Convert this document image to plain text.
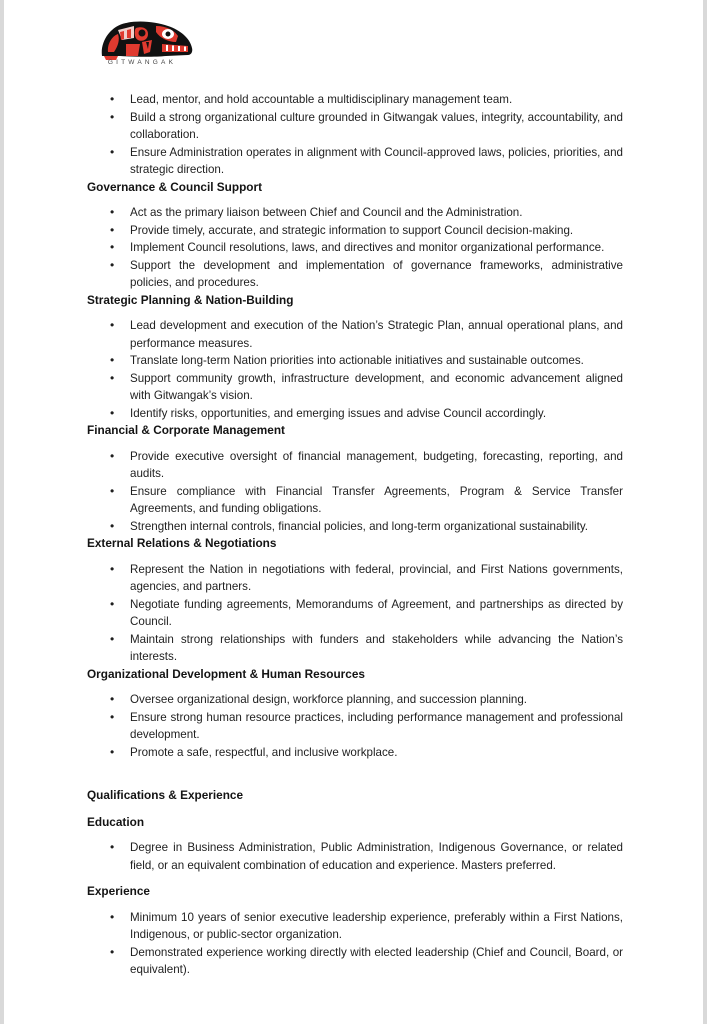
GITWANGAK
• Lead, mentor, and hold accountable a multidisciplinary management team.
• Build a strong organizational culture grounded in Gitwangak values, integrity, accountability, and collaboration.
• Ensure Administration operates in alignment with Council-approved laws, policies, priorities, and strategic direction.

Governance & Council Support

• Act as the primary liaison between Chief and Council and the Administration.
• Provide timely, accurate, and strategic information to support Council decision-making.
• Implement Council resolutions, laws, and directives and monitor organizational performance.
• Support the development and implementation of governance frameworks, administrative policies, and procedures.

Strategic Planning & Nation-Building

• Lead development and execution of the Nation’s Strategic Plan, annual operational plans, and performance measures.
• Translate long-term Nation priorities into actionable initiatives and sustainable outcomes.
• Support community growth, infrastructure development, and economic advancement aligned with Gitwangak’s vision.
• Identify risks, opportunities, and emerging issues and advise Council accordingly.

Financial & Corporate Management

• Provide executive oversight of financial management, budgeting, forecasting, reporting, and audits.
• Ensure compliance with Financial Transfer Agreements, Program & Service Transfer Agreements, and funding obligations.
• Strengthen internal controls, financial policies, and long-term organizational sustainability.

External Relations & Negotiations

• Represent the Nation in negotiations with federal, provincial, and First Nations governments, agencies, and partners.
• Negotiate funding agreements, Memorandums of Agreement, and partnerships as directed by Council.
• Maintain strong relationships with funders and stakeholders while advancing the Nation’s interests.

Organizational Development & Human Resources

• Oversee organizational design, workforce planning, and succession planning.
• Ensure strong human resource practices, including performance management and professional development.
• Promote a safe, respectful, and inclusive workplace.

Qualifications & Experience

Education

• Degree in Business Administration, Public Administration, Indigenous Governance, or related field, or an equivalent combination of education and experience. Masters preferred.

Experience

• Minimum 10 years of senior executive leadership experience, preferably within a First Nations, Indigenous, or public-sector organization.
• Demonstrated experience working directly with elected leadership (Chief and Council, Board, or equivalent).
